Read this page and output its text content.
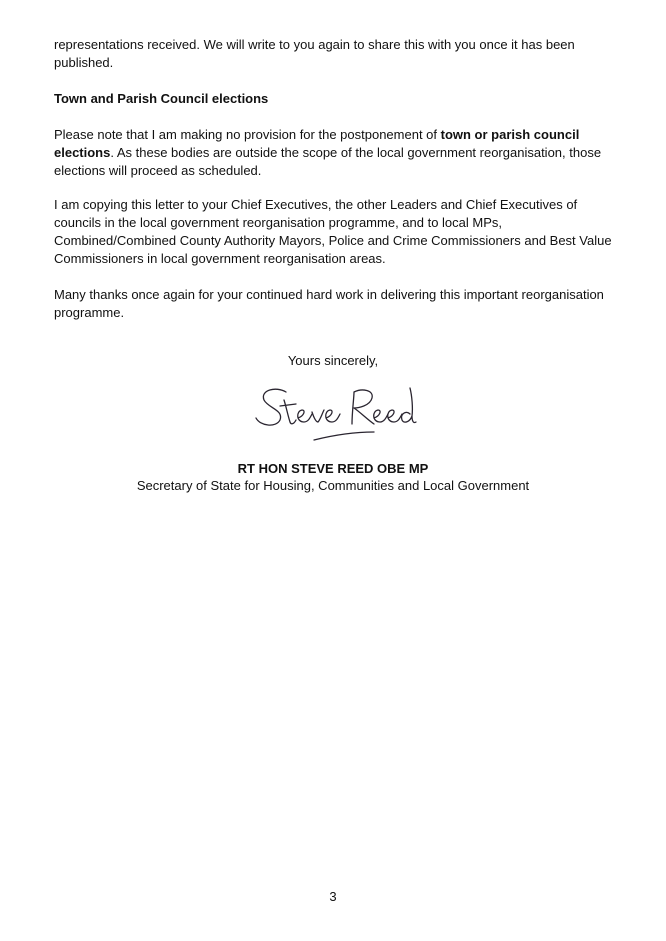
representations received. We will write to you again to share this with you once it has been published.

Town and Parish Council elections

Please note that I am making no provision for the postponement of town or parish council elections. As these bodies are outside the scope of the local government reorganisation, those elections will proceed as scheduled.

I am copying this letter to your Chief Executives, the other Leaders and Chief Executives of councils in the local government reorganisation programme, and to local MPs, Combined/Combined County Authority Mayors, Police and Crime Commissioners and Best Value Commissioners in local government reorganisation areas.

Many thanks once again for your continued hard work in delivering this important reorganisation programme.

Yours sincerely,

RT HON STEVE REED OBE MP

Secretary of State for Housing, Communities and Local Government

3
